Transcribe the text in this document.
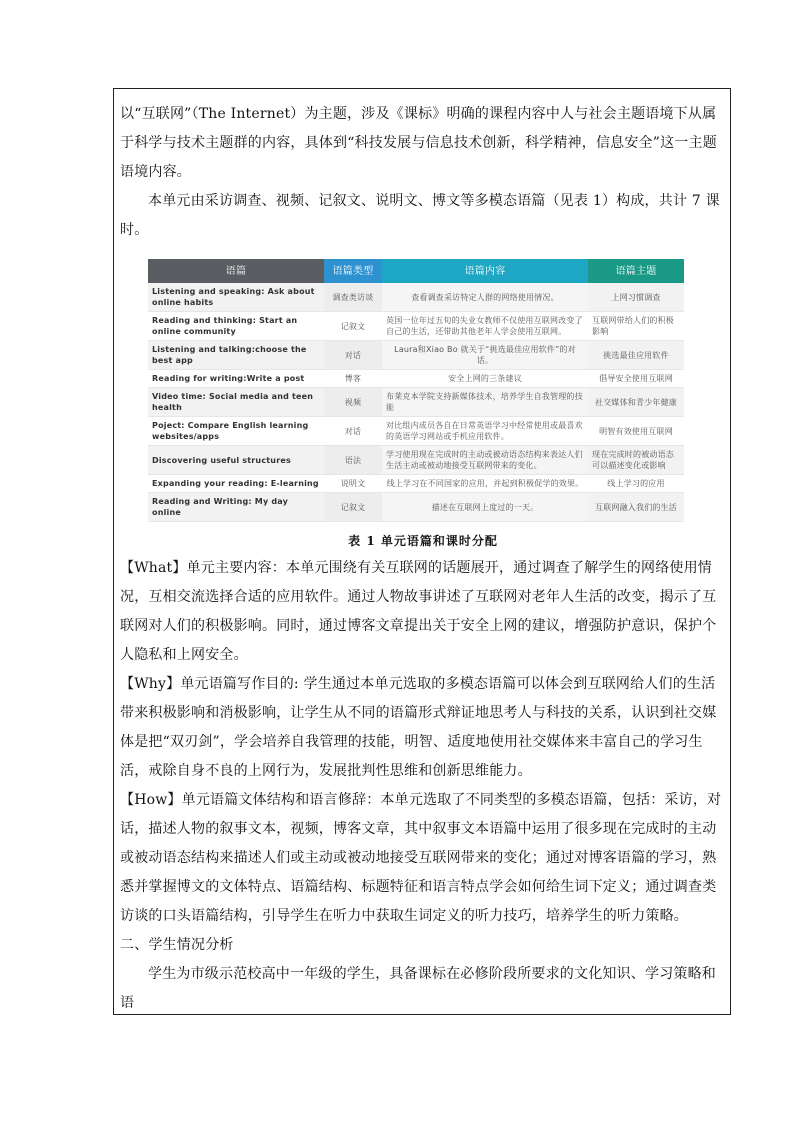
以“互联网”（The Internet）为主题，涉及《课标》明确的课程内容中人与社会主题语境下从属于科学与技术主题群的内容，具体到“科技发展与信息技术创新，科学精神，信息安全”这一主题语境内容。

本单元由采访调查、视频、记叙文、说明文、博文等多模态语篇（见表 1）构成，共计 7 课时。

语篇	语篇类型	语篇内容	语篇主题
Listening and speaking: Ask about online habits	调查类访谈	查看调查采访特定人群的网络使用情况。	上网习惯调查
Reading and thinking: Start an online community	记叙文	英国一位年过五旬的失业女教师不仅使用互联网改变了自己的生活，还带助其他老年人学会使用互联网。	互联网带给人们的积极影响
Listening and talking:choose the best app	对话	Laura和Xiao Bo 就关于“挑选最佳应用软件”的对话。	挑选最佳应用软件
Reading for writing:Write a post	博客	安全上网的三条建议	倡导安全使用互联网
Video time: Social media and teen health	视频	布莱克本学院支持新媒体技术，培养学生自我管理的技能	社交媒体和青少年健康
Poject: Compare English learning websites/apps	对话	对比组内成员各自在日常英语学习中经常使用或最喜欢的英语学习网站或手机应用软件。	明智有效使用互联网
Discovering useful structures	语法	学习使用现在完成时的主动或被动语态结构来表达人们生活主动或被动地接受互联网带来的变化。	现在完成时的被动语态可以描述变化或影响
Expanding your reading: E-learning	说明文	线上学习在不同国家的应用，并起到积极促学的效果。	线上学习的应用
Reading and Writing: My day online	记叙文	描述在互联网上度过的一天。	互联网融入我们的生活
表 1 单元语篇和课时分配

【What】单元主要内容：本单元围绕有关互联网的话题展开，通过调查了解学生的网络使用情况，互相交流选择合适的应用软件。通过人物故事讲述了互联网对老年人生活的改变，揭示了互联网对人们的积极影响。同时，通过博客文章提出关于安全上网的建议，增强防护意识，保护个人隐私和上网安全。

【Why】单元语篇写作目的: 学生通过本单元选取的多模态语篇可以体会到互联网给人们的生活带来积极影响和消极影响，让学生从不同的语篇形式辩证地思考人与科技的关系，认识到社交媒体是把“双刃剑”，学会培养自我管理的技能，明智、适度地使用社交媒体来丰富自己的学习生活，戒除自身不良的上网行为，发展批判性思维和创新思维能力。

【How】单元语篇文体结构和语言修辞：本单元选取了不同类型的多模态语篇，包括：采访，对话，描述人物的叙事文本，视频，博客文章，其中叙事文本语篇中运用了很多现在完成时的主动或被动语态结构来描述人们或主动或被动地接受互联网带来的变化；通过对博客语篇的学习，熟悉并掌握博文的文体特点、语篇结构、标题特征和语言特点学会如何给生词下定义；通过调查类访谈的口头语篇结构，引导学生在听力中获取生词定义的听力技巧，培养学生的听力策略。

二、学生情况分析

学生为市级示范校高中一年级的学生，具备课标在必修阶段所要求的文化知识、学习策略和语
